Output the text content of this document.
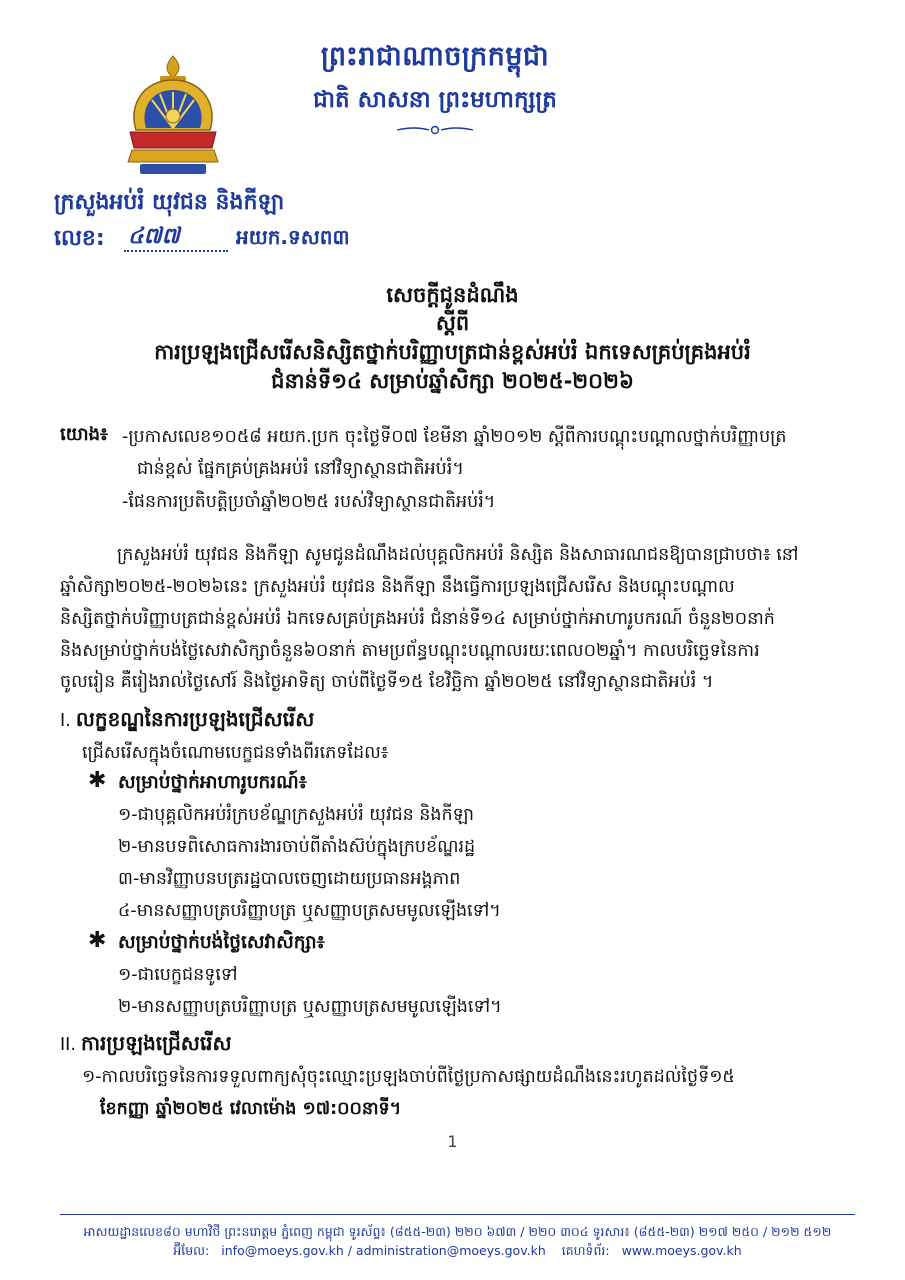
ព្រះរាជាណាចក្រកម្ពុជា
ជាតិ សាសនា ព្រះមហាក្សត្រ
ក្រសួងអប់រំ យុវជន និងកីឡា
លេខ: ៤៧៧	អយក.ទសព៣
សេចក្ដីជូនដំណឹង
ស្ដីពី
ការប្រឡងជ្រើសរើសនិស្សិតថ្នាក់បរិញ្ញាបត្រជាន់ខ្ពស់អប់រំ ឯកទេសគ្រប់គ្រងអប់រំ
ជំនាន់ទី១៤ សម្រាប់ឆ្នាំសិក្សា ២០២៥-២០២៦
យោង៖ -ប្រកាសលេខ១០៥៨ អយក.ប្រក ចុះថ្ងៃទី០៧ ខែមីនា ឆ្នាំ២០១២ ស្ដីពីការបណ្ដុះបណ្ដាលថ្នាក់បរិញ្ញាបត្រ
ជាន់ខ្ពស់ ផ្នែកគ្រប់គ្រងអប់រំ នៅវិទ្យាស្ថានជាតិអប់រំ។
-ផែនការប្រតិបត្តិប្រចាំឆ្នាំ២០២៥ របស់វិទ្យាស្ថានជាតិអប់រំ។
ក្រសួងអប់រំ យុវជន និងកីឡា សូមជូនដំណឹងដល់បុគ្គលិកអប់រំ និស្សិត និងសាធារណជនឱ្យបានជ្រាបថា៖ នៅ
ឆ្នាំសិក្សា២០២៥-២០២៦នេះ ក្រសួងអប់រំ យុវជន និងកីឡា នឹងធ្វើការប្រឡងជ្រើសរើស និងបណ្ដុះបណ្ដាល
និស្សិតថ្នាក់បរិញ្ញាបត្រជាន់ខ្ពស់អប់រំ ឯកទេសគ្រប់គ្រងអប់រំ ជំនាន់ទី១៤ សម្រាប់ថ្នាក់អាហារូបករណ៍ ចំនួន២០នាក់
និងសម្រាប់ថ្នាក់បង់ថ្លៃសេវាសិក្សាចំនួន៦០នាក់ តាមប្រព័ន្ធបណ្ដុះបណ្ដាលរយៈពេល០២ឆ្នាំ។ កាលបរិច្ឆេទនៃការ
ចូលរៀន គឺរៀងរាល់ថ្ងៃសៅរ៍ និងថ្ងៃអាទិត្យ ចាប់ពីថ្ងៃទី១៥ ខែវិច្ឆិកា ឆ្នាំ២០២៥ នៅវិទ្យាស្ថានជាតិអប់រំ ។
I. លក្ខខណ្ឌនៃការប្រឡងជ្រើសរើស
ជ្រើសរើសក្នុងចំណោមបេក្ខជនទាំងពីរភេទដែល៖
✱ សម្រាប់ថ្នាក់អាហារូបករណ៍៖
១-ជាបុគ្គលិកអប់រំក្របខ័ណ្ឌក្រសួងអប់រំ យុវជន និងកីឡា
២-មានបទពិសោធការងារចាប់ពីតាំងស៊ប់ក្នុងក្របខ័ណ្ឌរដ្ឋ
៣-មានវិញ្ញាបនបត្ររដ្ឋបាលចេញដោយប្រធានអង្គភាព
៤-មានសញ្ញាបត្របរិញ្ញាបត្រ ឬសញ្ញាបត្រសមមូលឡើងទៅ។
✱ សម្រាប់ថ្នាក់បង់ថ្លៃសេវាសិក្សា៖
១-ជាបេក្ខជនទូទៅ
២-មានសញ្ញាបត្របរិញ្ញាបត្រ ឬសញ្ញាបត្រសមមូលឡើងទៅ។
II. ការប្រឡងជ្រើសរើស
១-កាលបរិច្ឆេទនៃការទទួលពាក្យសុំចុះឈ្មោះប្រឡងចាប់ពីថ្ងៃប្រកាសផ្សាយដំណឹងនេះរហូតដល់ថ្ងៃទី១៥
ខែកញ្ញា ឆ្នាំ២០២៥ វេលាម៉ោង ១៧:០០នាទី។
1
អាសយដ្ឋានលេខ៨០ មហាវិថី ព្រះនរោត្តម ភ្នំពេញ កម្ពុជា ទូរស័ព្ទ៖ (៨៥៥-២៣) ២២០ ៦៧៣ / ២២០ ៣០៤ ទូរសារ៖ (៨៥៥-២៣) ២១៧ ២៥០ / ២១២ ៥១២
អ៊ីមែល: info@moeys.gov.kh / administration@moeys.gov.kh គេហទំព័រ: www.moeys.gov.kh
